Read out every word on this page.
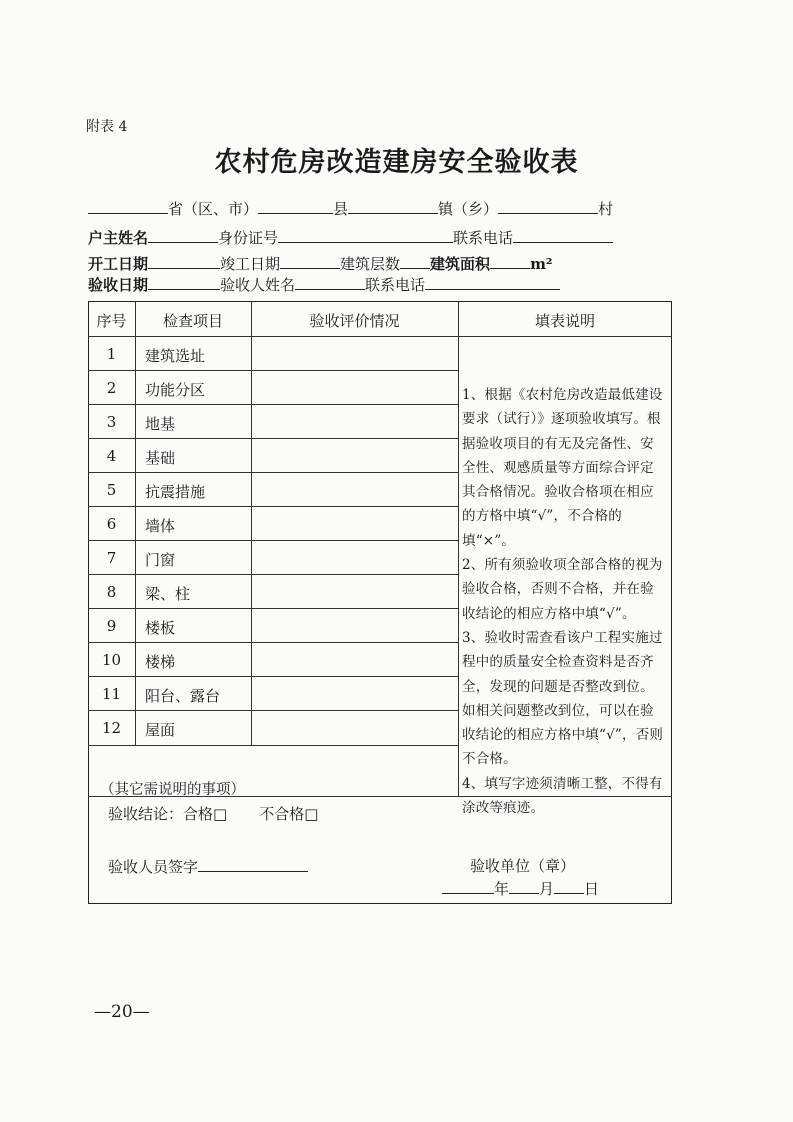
附表 4
农村危房改造建房安全验收表
省（区、市）	县	镇（乡）	村
户主姓名	身份证号	联系电话
开工日期	竣工日期	建筑层数 建筑面积	m²
验收日期	验收人姓名	联系电话
序号	检查项目	验收评价情况	填表说明
1	建筑选址
2	功能分区
3	地基
4	基础
5	抗震措施
6	墙体
7	门窗
8	梁、柱
9	楼板
10	楼梯
11	阳台、露台
12	屋面

1、根据《农村危房改造最低建设要求（试行）》逐项验收填写。根据验收项目的有无及完备性、安全性、观感质量等方面综合评定其合格情况。验收合格项在相应的方格中填“√”，不合格的填“×”。

2、所有须验收项全部合格的视为验收合格，否则不合格，并在验收结论的相应方格中填“√”。

3、验收时需查看该户工程实施过程中的质量安全检查资料是否齐全，发现的问题是否整改到位。如相关问题整改到位，可以在验收结论的相应方格中填“√”，否则不合格。

4、填写字迹须清晰工整，不得有涂改等痕迹。

（其它需说明的事项）
验收结论：合格□ 不合格□
验收人员签字	验收单位（章）
年 月 日
—20—
